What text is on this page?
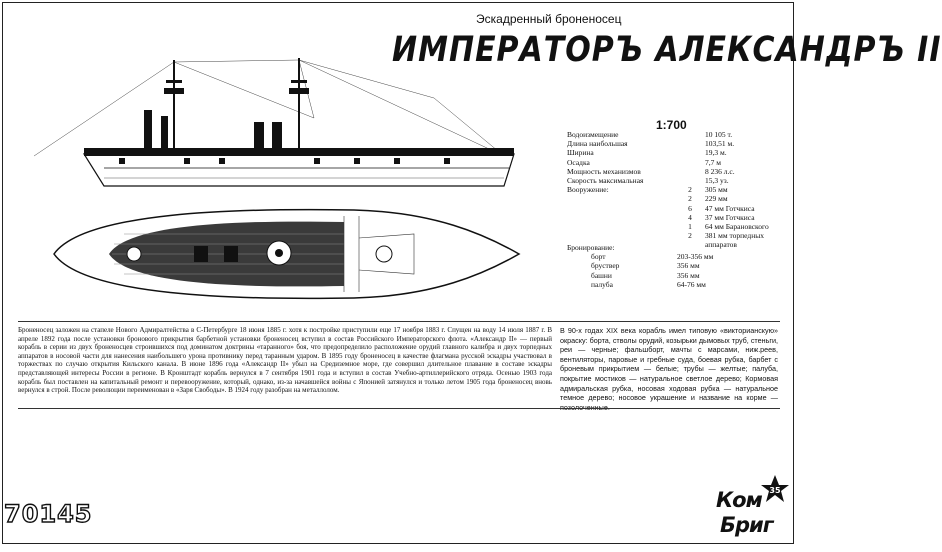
Эскадренный броненосец
ИМПЕРАТОРЪ АЛЕКСАНДРЪ II
1:700
Водоизмещение	10 105 т.
Длина наибольшая	103,51 м.
Ширина	19,3 м.
Осадка	7,7 м
Мощность механизмов	8 236 л.с.
Скорость максимальная	15,3 уз.
Вооружение:	2	305 мм
2	229 мм
6	47 мм Готчкиса
4	37 мм Готчкиса
1	64 мм Барановского
2	381 мм торпедных
аппаратов
Бронирование:
борт	203-356 мм
бруствер	356 мм
башни	356 мм
палуба	64-76 мм
Броненосец заложен на стапеле Нового Адмиралтейства в С-Петербурге 18 июня 1885 г. хотя к постройке приступили еще 17 ноября 1883 г. Спущен на воду 14 июля 1887 г. В апреле 1892 года после установки бронового прикрытия барбетной установки броненосец вступил в состав Российского Императорского флота. «Александр II» — первый корабль в серии из двух броненосцев строившихся под доминатом доктрины «таранного» боя, что предопределило расположение орудий главного калибра и двух торпедных аппаратов в носовой части для нанесения наибольшего урона противнику перед таранным ударом. В 1895 году броненосец в качестве флагмана русской эскадры участвовал в торжествах по случаю открытия Кильского канала. В июне 1896 года «Александр II» убыл на Средиземное море, где совершил длительное плавание в составе эскадры представляющей интересы России в регионе. В Кронштадт корабль вернулся в 7 сентября 1901 года и вступил в состав Учебно-артиллерийского отряда. Осенью 1903 года корабль был поставлен на капитальный ремонт и перевооружение, который, однако, из-за начавшейся войны с Японией затянулся и только летом 1905 года броненосец вновь вернулся в строй. После революции переименован в «Заря Свободы». В 1924 году разобран на металлолом.
В 90-х годах XIX века корабль имел типовую «викторианскую» окраску: борта, стволы орудий, козырьки дымовых труб, стеньги, реи — черные; фальшборт, мачты с марсами, ниж.реев, вентиляторы, паровые и гребные суда, боевая рубка, барбет с броневым прикрытием — белые; трубы — желтые; палуба, покрытие мостиков — натуральное светлое дерево; Кормовая адмиральская рубка, носовая ходовая рубка — натуральное темное дерево; носовое украшение и название на корме —
70145	Ком
Бриг
35
